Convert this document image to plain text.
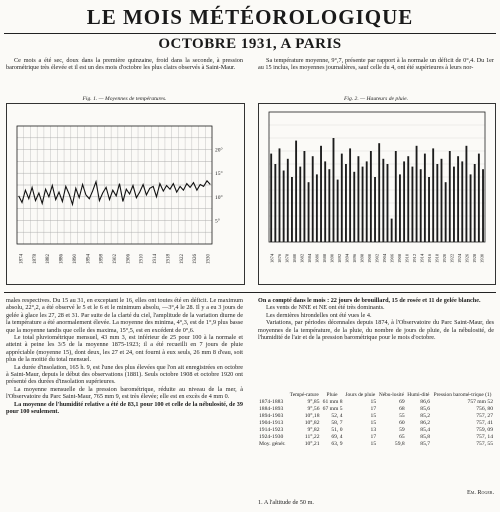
LE MOIS MÉTÉOROLOGIQUE
OCTOBRE 1931, A PARIS

Ce mois a été sec, doux dans la première quinzaine, froid dans la seconde, à pression barométrique très élevée et il est un des mois d'octobre les plus clairs observés à Saint-Maur.

Sa température moyenne, 9°,7, présente par rapport à la normale un déficit de 0°,4. Du 1er au 15 inclus, les moyennes journalières, sauf celle du 4, ont été supérieures à leurs nor-

Fig. 1. — Moyennes de températures.
20°
15°
10°
5°
1874 1878 1882 1886 1890 1894 1898 1902 1906 1910 1914 1918 1922 1926 1930
Fig. 2. — Hauteurs de pluie.
1874 1876 1878 1880 1882 1884 1886 1888 1890 1892 1894 1896 1898 1900 1902 1904 1906 1908 1910 1912 1914 1916 1918 1920 1922 1924 1926 1928 1930

males respectives. Du 15 au 31, en exceptant le 16, elles ont toutes été en déficit. Le maximum absolu, 22°,2, a été observé le 5 et le 6 et le minimum absolu, —3°,4 le 28. Il y a eu 3 jours de gelée à glace les 27, 28 et 31. Par suite de la clarté du ciel, l'amplitude de la variation diurne de la température a été anormalement élevée. La moyenne des minima, 4°,3, est de 1°,9 plus basse que la moyenne tandis que celle des maxima, 15°,5, est en excédent de 0°,6.

Le total pluviométrique mensuel, 43 mm 3, est inférieur de 25 pour 100 à la normale et atteint à peine les 3/5 de la moyenne 1875-1923; il a été recueilli en 7 jours de pluie appréciable (moyenne 15), dont deux, les 27 et 24, ont fourni à eux seuls, 26 mm 8 d'eau, soit plus de la moitié du total mensuel.

La durée d'insolation, 165 h. 9, est l'une des plus élevées que l'on ait enregistrées en octobre à Saint-Maur, depuis le début des observations (1881). Seuls octobre 1908 et octobre 1920 ont présenté des durées d'insolation supérieures.

La moyenne mensuelle de la pression barométrique, réduite au niveau de la mer, à l'Observatoire du Parc Saint-Maur, 765 mm 9, est très élevée; elle est en excès de 4 mm 0.

La moyenne de l'humidité relative a été de 83,1 pour 100 et celle de la nébulosité, de 39 pour 100 seulement.

On a compté dans le mois : 22 jours de brouillard, 15 de rosée et 11 de gelée blanche.

Les vents de NNE et NE ont été très dominants.

Les dernières hirondelles ont été vues le 4.

Variations, par périodes décennales depuis 1874, à l'Observatoire du Parc Saint-Maur, des moyennes de la température, de la pluie, du nombre de jours de pluie, de la nébulosité, de l'humidité de l'air et de la pression barométrique pour le mois d'octobre.

	Tempé-rature	Pluie	Jours de pluie	Nébu-losité	Humi-dité	Pression baromé-trique (1)
1874-1883	9°,85	61 mm 8	15	69	86,6	757 mm 52
1884-1893	9°,56	67 mm 5	17	68	85,6	756, 80
1894-1903	10°,18	52, 4	15	55	85,2	757, 27
1904-1913	10°,82	58, 7	15	60	86,2	757, 41
1914-1923	9°,82	51, 0	13	59	85,4	759, 09
1924-1930	11°,22	69, 4	17	65	85,8	757, 14
Moy. génér.	10°,21	63, 9	15	59,8	85,7	757, 55
Em. Roger.
1. A l'altitude de 50 m.
